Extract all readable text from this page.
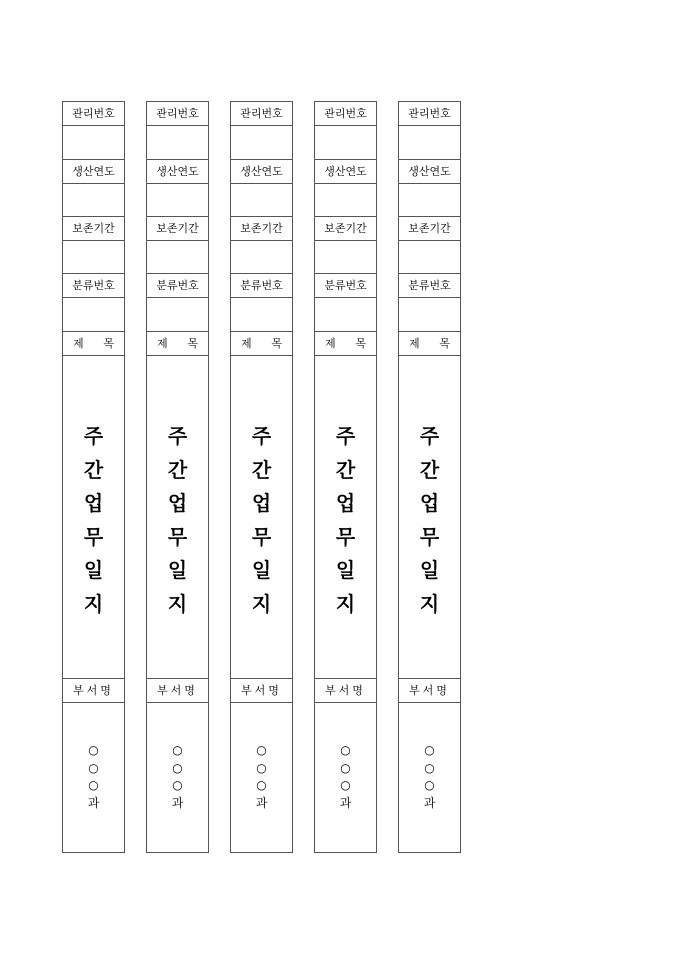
관리번호
생산연도
보존기간
분류번호
제 목
주
간
업
무
일
지
부서명
○
○
○
과
관리번호
생산연도
보존기간
분류번호
제 목
주
간
업
무
일
지
부서명
○
○
○
과
관리번호
생산연도
보존기간
분류번호
제 목
주
간
업
무
일
지
부서명
○
○
○
과
관리번호
생산연도
보존기간
분류번호
제 목
주
간
업
무
일
지
부서명
○
○
○
과
관리번호
생산연도
보존기간
분류번호
제 목
주
간
업
무
일
지
부서명
○
○
○
과
